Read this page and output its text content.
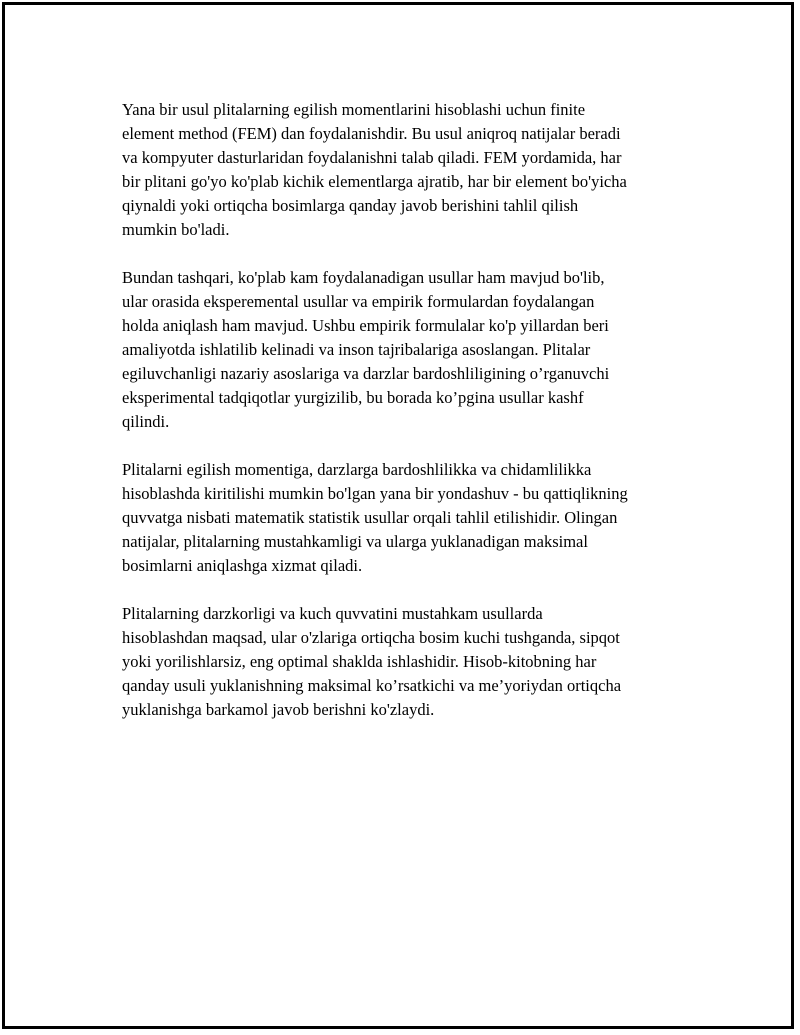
Yana bir usul plitalarning egilish momentlarini hisoblashi uchun finite
element method (FEM) dan foydalanishdir. Bu usul aniqroq natijalar beradi
va kompyuter dasturlaridan foydalanishni talab qiladi. FEM yordamida, har
bir plitani go'yo ko'plab kichik elementlarga ajratib, har bir element bo'yicha
qiynaldi yoki ortiqcha bosimlarga qanday javob berishini tahlil qilish
mumkin bo'ladi.

Bundan tashqari, ko'plab kam foydalanadigan usullar ham mavjud bo'lib,
ular orasida eksperemental usullar va empirik formulardan foydalangan
holda aniqlash ham mavjud. Ushbu empirik formulalar ko'p yillardan beri
amaliyotda ishlatilib kelinadi va inson tajribalariga asoslangan. Plitalar
egiluvchanligi nazariy asoslariga va darzlar bardoshliligining o’rganuvchi
eksperimental tadqiqotlar yurgizilib, bu borada ko’pgina usullar kashf
qilindi.

Plitalarni egilish momentiga, darzlarga bardoshlilikka va chidamlilikka
hisoblashda kiritilishi mumkin bo'lgan yana bir yondashuv - bu qattiqlikning
quvvatga nisbati matematik statistik usullar orqali tahlil etilishidir. Olingan
natijalar, plitalarning mustahkamligi va ularga yuklanadigan maksimal
bosimlarni aniqlashga xizmat qiladi.

Plitalarning darzkorligi va kuch quvvatini mustahkam usullarda
hisoblashdan maqsad, ular o'zlariga ortiqcha bosim kuchi tushganda, sipqot
yoki yorilishlarsiz, eng optimal shaklda ishlashidir. Hisob-kitobning har
qanday usuli yuklanishning maksimal ko’rsatkichi va me’yoriydan ortiqcha
yuklanishga barkamol javob berishni ko'zlaydi.
